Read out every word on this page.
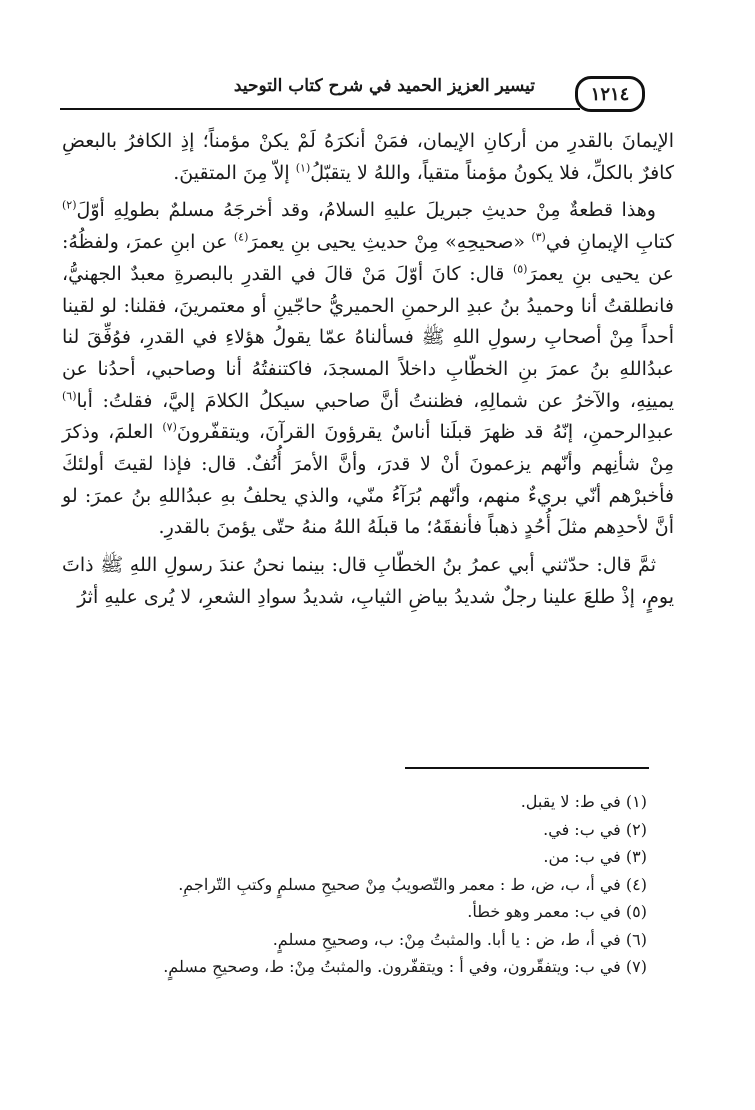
تيسير العزيز الحميد في شرح كتاب التوحيد	١٢١٤

الإيمانَ بالقدرِ من أركانِ الإيمان، فمَنْ أنكرَهُ لَمْ يكنْ مؤمناً؛ إذِ الكافرُ بالبعضِ كافرٌ بالكلِّ، فلا يكونُ مؤمناً متقياً، واللهُ لا يتقبّلُ$^{(١)}$ إلاّ مِنَ المتقينَ.

وهذا قطعةٌ مِنْ حديثِ جبريلَ عليهِ السلامُ، وقد أخرجَهُ مسلمٌ بطولِهِ أوّلَ$^{(٢)}$ كتابِ الإيمانِ في$^{(٣)}$ «صحيحِهِ» مِنْ حديثِ يحيى بنِ يعمرَ$^{(٤)}$ عن ابنِ عمرَ، ولفظُهُ: عن يحيى بنِ يعمرَ$^{(٥)}$ قال: كانَ أوّلَ مَنْ قالَ في القدرِ بالبصرةِ معبدٌ الجهنيُّ، فانطلقتُ أنا وحميدُ بنُ عبدِ الرحمنِ الحميريُّ حاجّينِ أو معتمرينَ، فقلنا: لو لقينا أحداً مِنْ أصحابِ رسولِ اللهِ ﷺ فسألناهُ عمّا يقولُ هؤلاءِ في القدرِ، فوُفِّقَ لنا عبدُاللهِ بنُ عمرَ بنِ الخطّابِ داخلاً المسجدَ، فاكتنفتُهُ أنا وصاحبي، أحدُنا عن يمينِهِ، والآخرُ عن شمالِهِ، فظننتُ أنَّ صاحبي سيكلُ الكلامَ إليَّ، فقلتُ: أبا$^{(٦)}$ عبدِالرحمنِ، إنّهُ قد ظهرَ قبلَنا أناسٌ يقرؤونَ القرآنَ، ويتقفّرونَ$^{(٧)}$ العلمَ، وذكرَ مِنْ شأنِهم وأنّهم يزعمونَ أنْ لا قدرَ، وأنَّ الأمرَ أُنُفٌ. قال: فإذا لقيتَ أولئكَ فأخبرْهم أنّي بريءٌ منهم، وأنّهم بُرَآءُ منّي، والذي يحلفُ بهِ عبدُاللهِ بنُ عمرَ: لو أنَّ لأحدِهم مثلَ أُحُدٍ ذهباً فأنفقَهُ؛ ما قبلَهُ اللهُ منهُ حتّى يؤمنَ بالقدرِ.

ثمَّ قال: حدّثني أبي عمرُ بنُ الخطّابِ قال: بينما نحنُ عندَ رسولِ اللهِ ﷺ ذاتَ يومٍ، إذْ طلعَ علينا رجلٌ شديدُ بياضِ الثيابِ، شديدُ سوادِ الشعرِ، لا يُرى عليهِ أثرُ

(١) في ط: لا يقبل.

(٢) في ب: في.

(٣) في ب: من.

(٤) في أ، ب، ض، ط : معمر والتّصويبُ مِنْ صحيحِ مسلمٍ وكتبِ التّراجمِ.

(٥) في ب: معمر وهو خطأ.

(٦) في أ، ط، ض : يا أبا. والمثبتُ مِنْ: ب، وصحيحِ مسلمٍ.

(٧) في ب: ويتفقّرون، وفي أ : ويتقفّرون. والمثبتُ مِنْ: ط، وصحيحِ مسلمٍ.
